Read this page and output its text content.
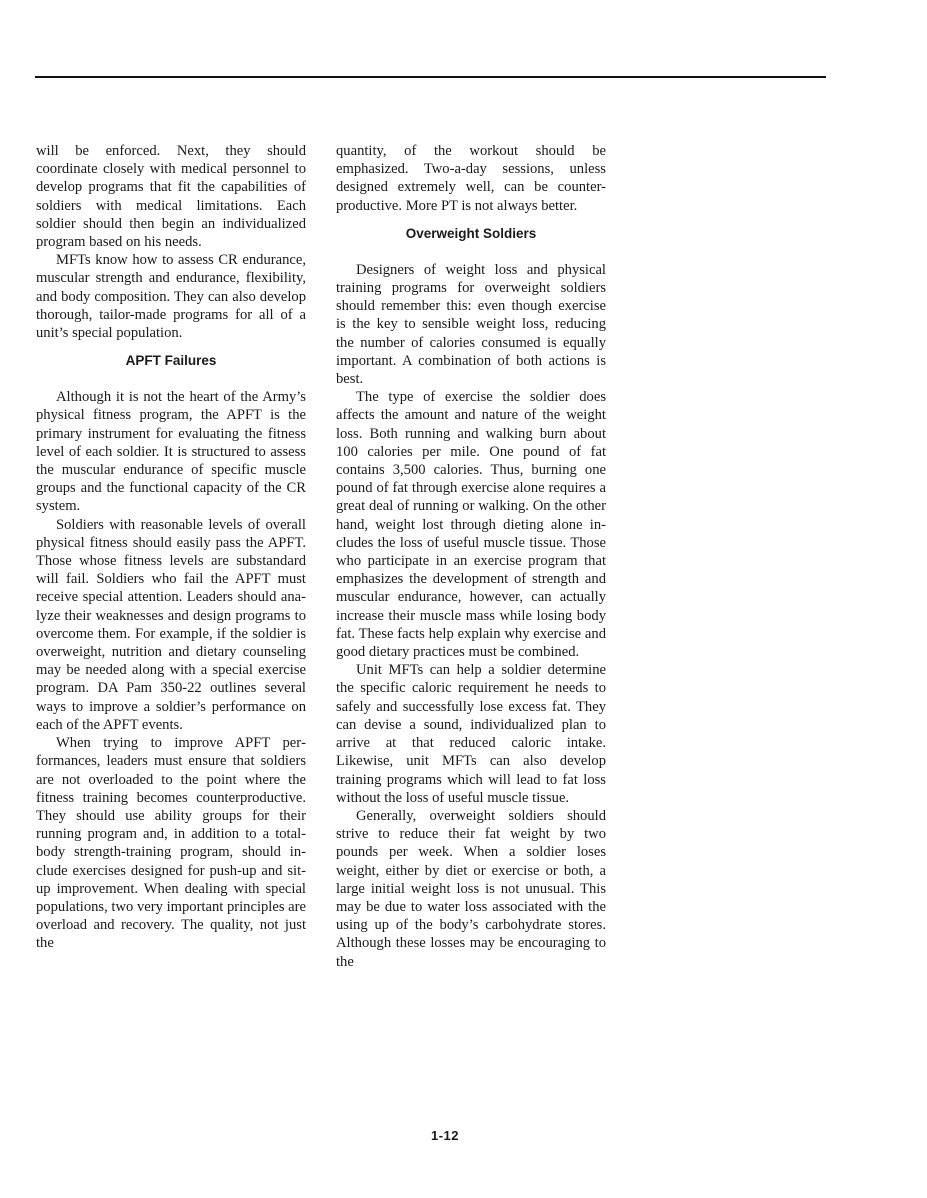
will be enforced. Next, they should coordinate closely with medical personnel to develop programs that fit the capabilities of soldiers with medical limitations. Each soldier should then begin an individualized program based on his needs.

MFTs know how to assess CR endurance, muscular strength and endurance, flexibility, and body composition. They can also develop thorough, tailor-made programs for all of a unit’s special population.

APFT Failures

Although it is not the heart of the Army’s physical fitness program, the APFT is the primary instrument for evaluating the fitness level of each soldier. It is structured to assess the muscular endurance of specific muscle groups and the functional capacity of the CR system.

Soldiers with reasonable levels of overall physical fitness should easily pass the APFT. Those whose fitness levels are substandard will fail. Soldiers who fail the APFT must receive special attention. Leaders should analyze their weaknesses and design programs to overcome them. For example, if the soldier is overweight, nutrition and dietary counseling may be needed along with a special exercise program. DA Pam 350-22 outlines several ways to improve a soldier’s performance on each of the APFT events.

When trying to improve APFT performances, leaders must ensure that soldiers are not overloaded to the point where the fitness training becomes counterproductive. They should use ability groups for their running program and, in addition to a total-body strength-training program, should include exercises designed for push-up and sit-up improvement. When dealing with special populations, two very important principles are overload and recovery. The quality, not just the

quantity, of the workout should be emphasized. Two-a-day sessions, unless designed extremely well, can be counter-productive. More PT is not always better.

Overweight Soldiers

Designers of weight loss and physical training programs for overweight soldiers should remember this: even though exercise is the key to sensible weight loss, reducing the number of calories consumed is equally important. A combination of both actions is best.

The type of exercise the soldier does affects the amount and nature of the weight loss. Both running and walking burn about 100 calories per mile. One pound of fat contains 3,500 calories. Thus, burning one pound of fat through exercise alone requires a great deal of running or walking. On the other hand, weight lost through dieting alone includes the loss of useful muscle tissue. Those who participate in an exercise program that emphasizes the development of strength and muscular endurance, however, can actually increase their muscle mass while losing body fat. These facts help explain why exercise and good dietary practices must be combined.

Unit MFTs can help a soldier determine the specific caloric requirement he needs to safely and successfully lose excess fat. They can devise a sound, individualized plan to arrive at that reduced caloric intake. Likewise, unit MFTs can also develop training programs which will lead to fat loss without the loss of useful muscle tissue.

Generally, overweight soldiers should strive to reduce their fat weight by two pounds per week. When a soldier loses weight, either by diet or exercise or both, a large initial weight loss is not unusual. This may be due to water loss associated with the using up of the body’s carbohydrate stores. Although these losses may be encouraging to the

1-12
